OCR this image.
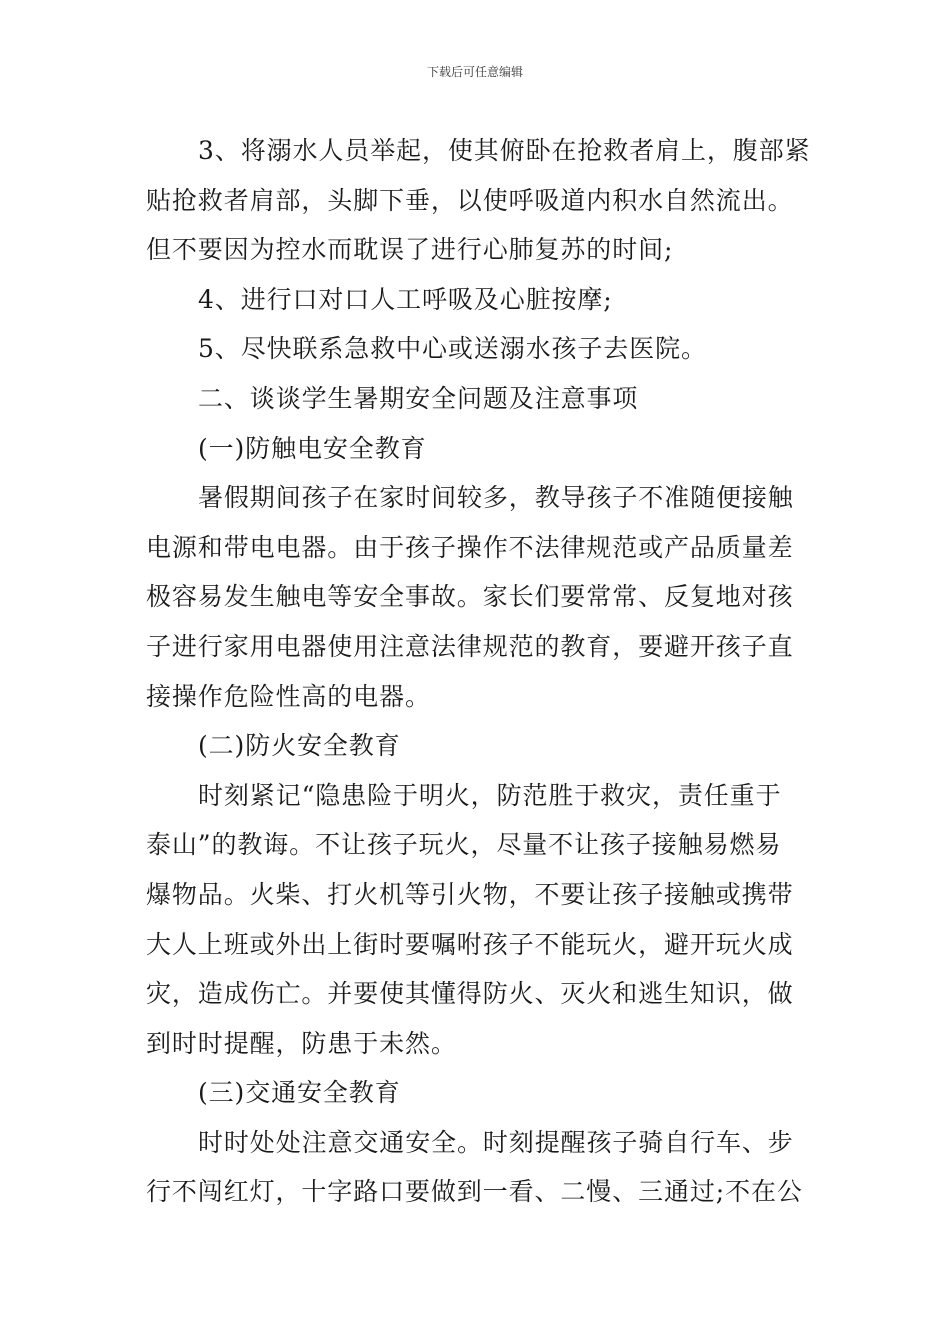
下载后可任意编辑
3、将溺水人员举起，使其俯卧在抢救者肩上，腹部紧
贴抢救者肩部，头脚下垂，以使呼吸道内积水自然流出。
但不要因为控水而耽误了进行心肺复苏的时间;
4、进行口对口人工呼吸及心脏按摩;
5、尽快联系急救中心或送溺水孩子去医院。
二、谈谈学生暑期安全问题及注意事项
(一)防触电安全教育
暑假期间孩子在家时间较多，教导孩子不准随便接触
电源和带电电器。由于孩子操作不法律规范或产品质量差
极容易发生触电等安全事故。家长们要常常、反复地对孩
子进行家用电器使用注意法律规范的教育，要避开孩子直
接操作危险性高的电器。
(二)防火安全教育
时刻紧记“隐患险于明火，防范胜于救灾，责任重于
泰山”的教诲。不让孩子玩火，尽量不让孩子接触易燃易
爆物品。火柴、打火机等引火物，不要让孩子接触或携带
大人上班或外出上街时要嘱咐孩子不能玩火，避开玩火成
灾，造成伤亡。并要使其懂得防火、灭火和逃生知识，做
到时时提醒，防患于未然。
(三)交通安全教育
时时处处注意交通安全。时刻提醒孩子骑自行车、步
行不闯红灯，十字路口要做到一看、二慢、三通过;不在公
